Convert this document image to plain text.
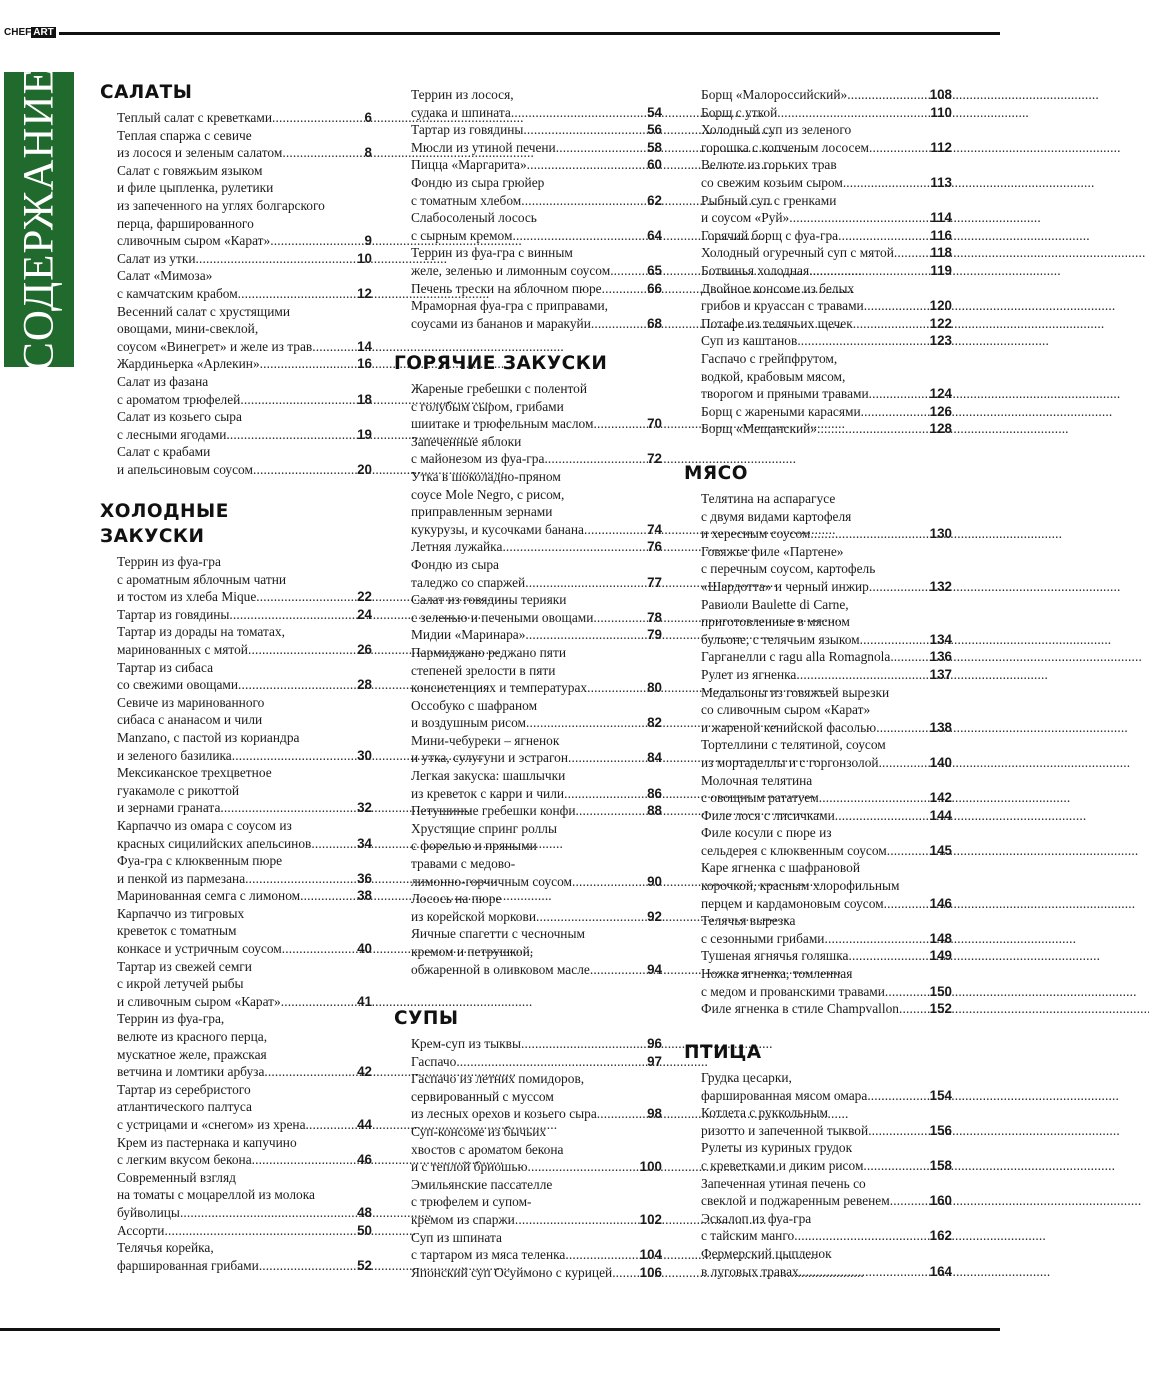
CHEF ART
СОДЕРЖАНИЕ САЛАТЫ
Теплый салат с креветками . . .	6
Теплая спаржа с севиче
из лосося и зеленым салатом . . .	8
Салат с говяжьим языком
и филе цыпленка, рулетики
из запеченного на углях болгарского
перца, фаршированного
сливочным сыром «Карат» . . .	9
Салат из утки . . .	10
Салат «Мимоза»
с камчатским крабом . . .	12
Весенний салат с хрустящими
овощами, мини-свеклой,
соусом «Винегрет» и желе из трав . . .	14
Жардиньерка «Арлекин» . . .	16
Салат из фазана
с ароматом трюфелей . . .	18
Салат из козьего сыра
с лесными ягодами . . .	19
Салат с крабами
и апельсиновым соусом . . .	20
ХОЛОДНЫЕ
ЗАКУСКИ
Террин из фуа-гра
с ароматным яблочным чатни
и тостом из хлеба Mique . . .	22
Тартар из говядины . . .	24
Тартар из дорады на томатах,
маринованных с мятой . . .	26
Тартар из сибаса
со свежими овощами . . .	28
Севиче из маринованного
сибаса с ананасом и чили
Manzano, с пастой из кориандра
и зеленого базилика . . .	30
Мексиканское трехцветное
гуакамоле с рикоттой
и зернами граната . . .	32
Карпаччо из омара с соусом из
красных сицилийских апельсинов . . .	34
Фуа-гра с клюквенным пюре
и пенкой из пармезана . . .	36
Маринованная семга с лимоном . . .	38
Карпаччо из тигровых
креветок с томатным
конкасе и устричным соусом . . .	40
Тартар из свежей семги
с икрой летучей рыбы
и сливочным сыром «Карат» . . .	41
Террин из фуа-гра,
велюте из красного перца,
мускатное желе, пражская
ветчина и ломтики арбуза . . .	42
Тартар из серебристого
атлантического палтуса
с устрицами и «снегом» из хрена . . .	44
Крем из пастернака и капучино
с легким вкусом бекона . . .	46
Современный взгляд
на томаты с моцареллой из молока
буйволицы . . .	48
Ассорти . . .	50
Телячья корейка,
фаршированная грибами . . .	52
Террин из лосося,
судака и шпината . . .	54
Тартар из говядины . . .	56
Мюсли из утиной печени . . .	58
Пицца «Маргарита» . . .	60
Фондю из сыра грюйер
с томатным хлебом . . .	62
Слабосоленый лосось
с сырным кремом . . .	64
Террин из фуа-гра с винным
желе, зеленью и лимонным соусом . . .	65
Печень трески на яблочном пюре . . .	66
Мраморная фуа-гра с приправами,
соусами из бананов и маракуйи . . .	68
ГОРЯЧИЕ ЗАКУСКИ
Жареные гребешки с полентой
с голубым сыром, грибами
шиитаке и трюфельным маслом . . .	70
Запеченные яблоки
с майонезом из фуа-гра . . .	72
Утка в шоколадно-пряном
соусе Mole Negro, с рисом,
приправленным зернами
кукурузы, и кусочками банана . . .	74
Летняя лужайка . . .	76
Фондю из сыра
таледжо со спаржей . . .	77
Салат из говядины терияки
с зеленью и печеными овощами . . .	78
Мидии «Маринара» . . .	79
Пармиджано реджано пяти
степеней зрелости в пяти
консистенциях и температурах . . .	80
Оссобуко с шафраном
и воздушным рисом . . .	82
Мини-чебуреки – ягненок
и утка, сулугуни и эстрагон . . .	84
Легкая закуска: шашлычки
из креветок с карри и чили . . .	86
Петушиные гребешки конфи . . .	88
Хрустящие спринг роллы
с форелью и пряными
травами с медово-
лимонно-горчичным соусом . . .	90
Лосось на пюре
из корейской моркови . . .	92
Яичные спагетти с чесночным
кремом и петрушкой,
обжаренной в оливковом масле . . .	94
СУПЫ
Крем-суп из тыквы . . .	96
Гаспачо . . .	97
Гаспачо из летних помидоров,
сервированный с муссом
из лесных орехов и козьего сыра . . .	98
Суп-консоме из бычьих
хвостов с ароматом бекона
и с теплой бриошью . . .	100
Эмильянские пассателле
с трюфелем и супом-
кремом из спаржи . . .	102
Суп из шпината
с тартаром из мяса теленка . . .	104
Японский суп Осуймоно с курицей . . . 106
Борщ «Малороссийский» . . .	108
Борщ с уткой . . .	110
Холодный суп из зеленого
горошка с копченым лососем . . .	112
Велюте из горьких трав
со свежим козьим сыром . . .	113
Рыбный суп с гренками
и соусом «Руй» . . .	114
Горячий борщ с фуа-гра . . .	116
Холодный огуречный суп с мятой . . .	118
Ботвинья холодная . . .	119
Двойное консоме из белых
грибов и круассан с травами . . .	120
Потафе из телячьих щечек . . .	122
Суп из каштанов . . .	123
Гаспачо с грейпфрутом,
водкой, крабовым мясом,
творогом и пряными травами . . .	124
Борщ с жареными карасями . . .	126
Борщ «Мещанский» . . .	128
МЯСО
Телятина на аспарагусе
с двумя видами картофеля
и хересным соусом . . .	130
Говяжье филе «Партене»
с перечным соусом, картофель
«Шардотта» и черный инжир . . .	132
Равиоли Baulette di Carne,
приготовленные в мясном
бульоне, с телячьим языком . . .	134
Гарганелли с ragu alla Romagnola . . .	136
Рулет из ягненка . . .	137
Медальоны из говяжьей вырезки
со сливочным сыром «Карат»
и жареной кенийской фасолью . . .	138
Тортеллини с телятиной, соусом
из мортаделлы и с горгонзолой . . .	140
Молочная телятина
с овощным рататуем . . .	142
Филе лося с лисичками . . .	144
Филе косули с пюре из
сельдерея с клюквенным соусом . . .	145
Каре ягненка с шафрановой
корочкой, красным хлорофильным
перцем и кардамоновым соусом . . .	146
Телячья вырезка
с сезонными грибами . . .	148
Тушеная ягнячья голяшка . . .	149
Ножка ягненка, томленная
с медом и прованскими травами . . .	150
Филе ягненка в стиле Champvallon . . . 152
ПТИЦА
Грудка цесарки,
фаршированная мясом омара . . .	154
Котлета с руккольным
ризотто и запеченной тыквой . . .	156
Рулеты из куриных грудок
с креветками и диким рисом . . .	158
Запеченная утиная печень со
свеклой и поджаренным ревенем . . .	160
Эскалоп из фуа-гра
с тайским манго . . .	162
Фермерский цыпленок
в луговых травах . . .	164
